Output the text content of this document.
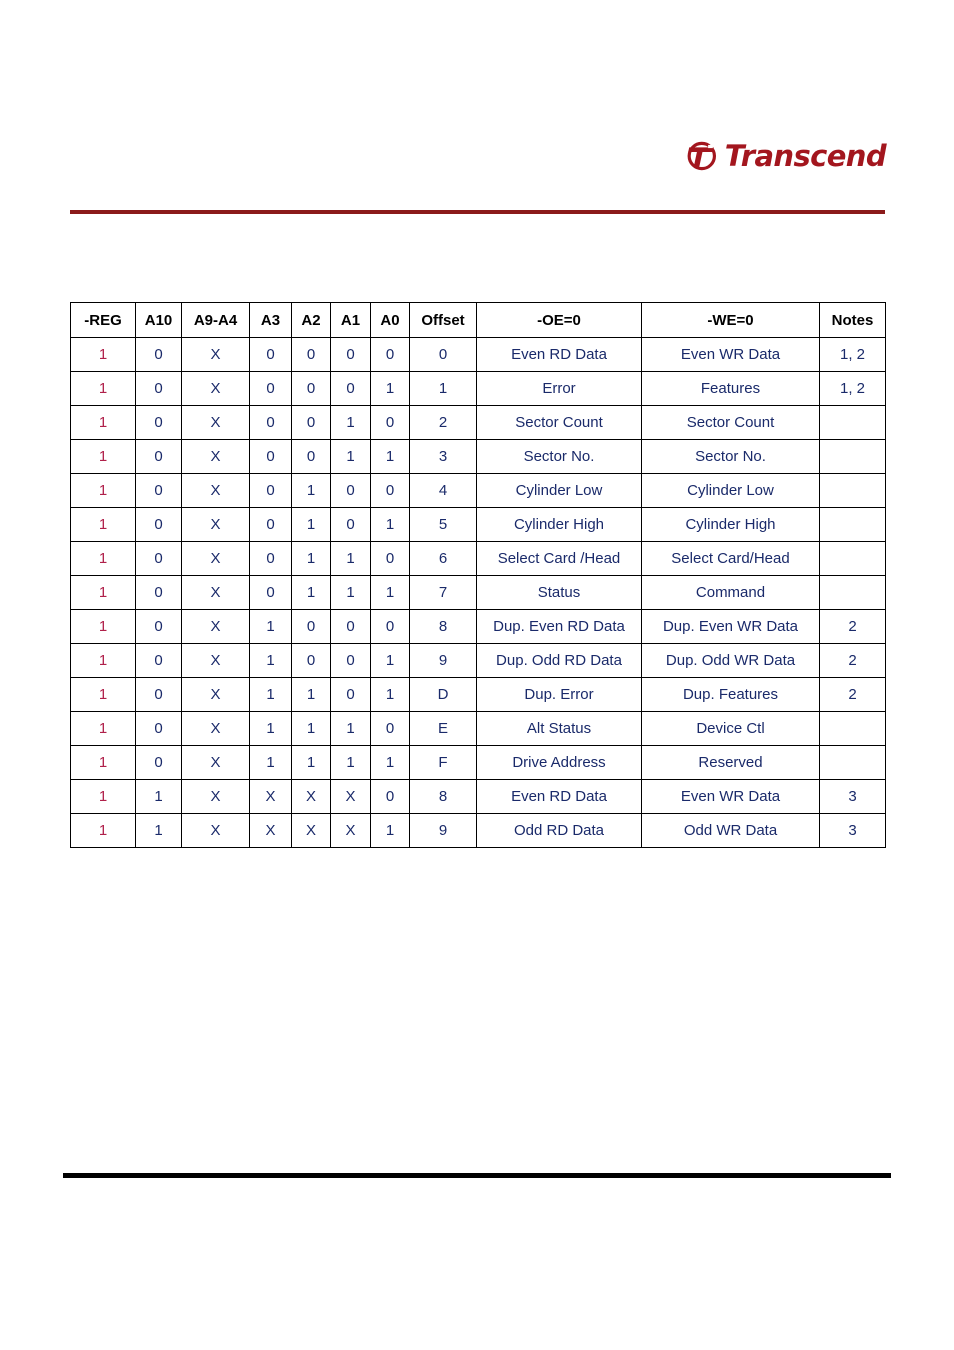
Transcend
-REG	A10	A9-A4	A3	A2	A1	A0	Offset	-OE=0	-WE=0	Notes
1	0	X	0	0	0	0	0	Even RD Data	Even WR Data	1, 2
1	0	X	0	0	0	1	1	Error	Features	1, 2
1	0	X	0	0	1	0	2	Sector Count	Sector Count	
1	0	X	0	0	1	1	3	Sector No.	Sector No.	
1	0	X	0	1	0	0	4	Cylinder Low	Cylinder Low	
1	0	X	0	1	0	1	5	Cylinder High	Cylinder High	
1	0	X	0	1	1	0	6	Select Card /Head	Select Card/Head	
1	0	X	0	1	1	1	7	Status	Command	
1	0	X	1	0	0	0	8	Dup. Even RD Data	Dup. Even WR Data	2
1	0	X	1	0	0	1	9	Dup. Odd RD Data	Dup. Odd WR Data	2
1	0	X	1	1	0	1	D	Dup. Error	Dup. Features	2
1	0	X	1	1	1	0	E	Alt Status	Device Ctl	
1	0	X	1	1	1	1	F	Drive Address	Reserved	
1	1	X	X	X	X	0	8	Even RD Data	Even WR Data	3
1	1	X	X	X	X	1	9	Odd RD Data	Odd WR Data	3
